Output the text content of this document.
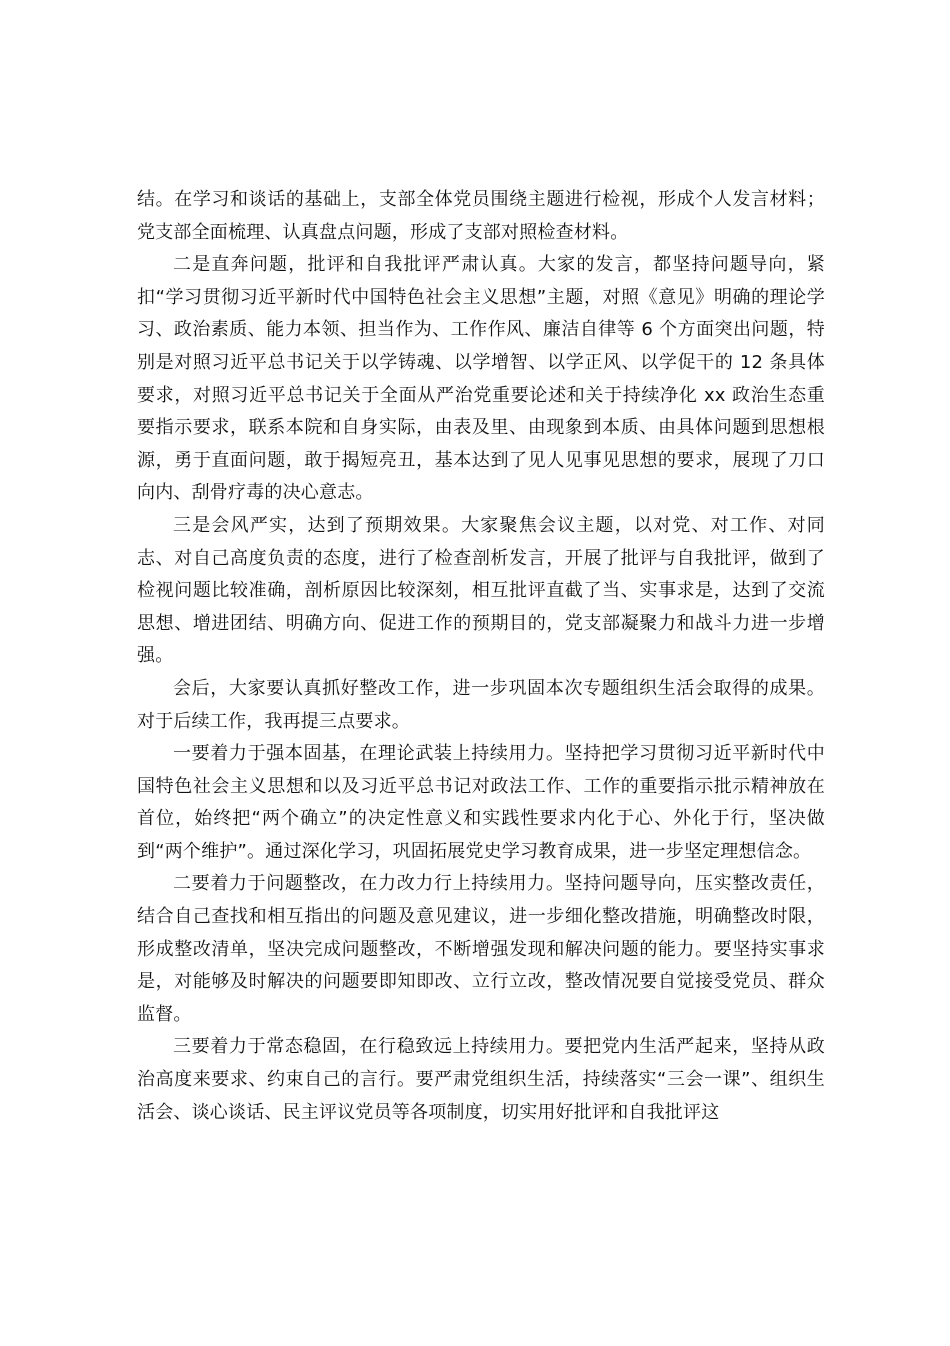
结。在学习和谈话的基础上，支部全体党员围绕主题进行检视，形成个人发言材料；党支部全面梳理、认真盘点问题，形成了支部对照检查材料。

二是直奔问题，批评和自我批评严肃认真。大家的发言，都坚持问题导向，紧扣“学习贯彻习近平新时代中国特色社会主义思想”主题，对照《意见》明确的理论学习、政治素质、能力本领、担当作为、工作作风、廉洁自律等 6 个方面突出问题，特别是对照习近平总书记关于以学铸魂、以学增智、以学正风、以学促干的 12 条具体要求，对照习近平总书记关于全面从严治党重要论述和关于持续净化 xx 政治生态重要指示要求，联系本院和自身实际，由表及里、由现象到本质、由具体问题到思想根源，勇于直面问题，敢于揭短亮丑，基本达到了见人见事见思想的要求，展现了刀口向内、刮骨疗毒的决心意志。

三是会风严实，达到了预期效果。大家聚焦会议主题，以对党、对工作、对同志、对自己高度负责的态度，进行了检查剖析发言，开展了批评与自我批评，做到了检视问题比较准确，剖析原因比较深刻，相互批评直截了当、实事求是，达到了交流思想、增进团结、明确方向、促进工作的预期目的，党支部凝聚力和战斗力进一步增强。

会后，大家要认真抓好整改工作，进一步巩固本次专题组织生活会取得的成果。对于后续工作，我再提三点要求。

一要着力于强本固基，在理论武装上持续用力。坚持把学习贯彻习近平新时代中国特色社会主义思想和以及习近平总书记对政法工作、工作的重要指示批示精神放在首位，始终把“两个确立”的决定性意义和实践性要求内化于心、外化于行，坚决做到“两个维护”。通过深化学习，巩固拓展党史学习教育成果，进一步坚定理想信念。

二要着力于问题整改，在力改力行上持续用力。坚持问题导向，压实整改责任，结合自己查找和相互指出的问题及意见建议，进一步细化整改措施，明确整改时限，形成整改清单，坚决完成问题整改，不断增强发现和解决问题的能力。要坚持实事求是，对能够及时解决的问题要即知即改、立行立改，整改情况要自觉接受党员、群众监督。

三要着力于常态稳固，在行稳致远上持续用力。要把党内生活严起来，坚持从政治高度来要求、约束自己的言行。要严肃党组织生活，持续落实“三会一课”、组织生活会、谈心谈话、民主评议党员等各项制度，切实用好批评和自我批评这
